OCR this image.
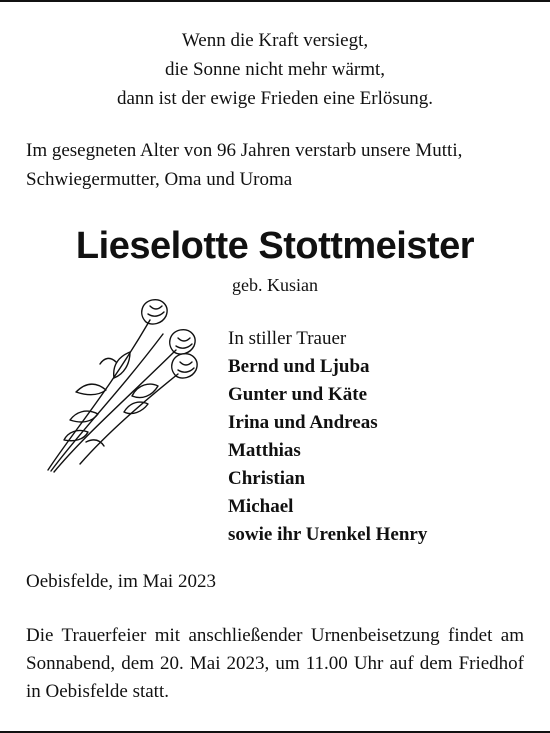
Wenn die Kraft versiegt,
die Sonne nicht mehr wärmt,
dann ist der ewige Frieden eine Erlösung.
Im gesegneten Alter von 96 Jahren verstarb unsere Mutti,
Schwiegermutter, Oma und Uroma
Lieselotte Stottmeister
geb. Kusian
In stiller Trauer
Bernd und Ljuba
Gunter und Käte
Irina und Andreas
Matthias
Christian
Michael
sowie ihr Urenkel Henry
Oebisfelde, im Mai 2023
Die Trauerfeier mit anschließender Urnenbeisetzung findet am Sonnabend, dem 20. Mai 2023, um 11.00 Uhr auf dem Friedhof in Oebisfelde statt.
